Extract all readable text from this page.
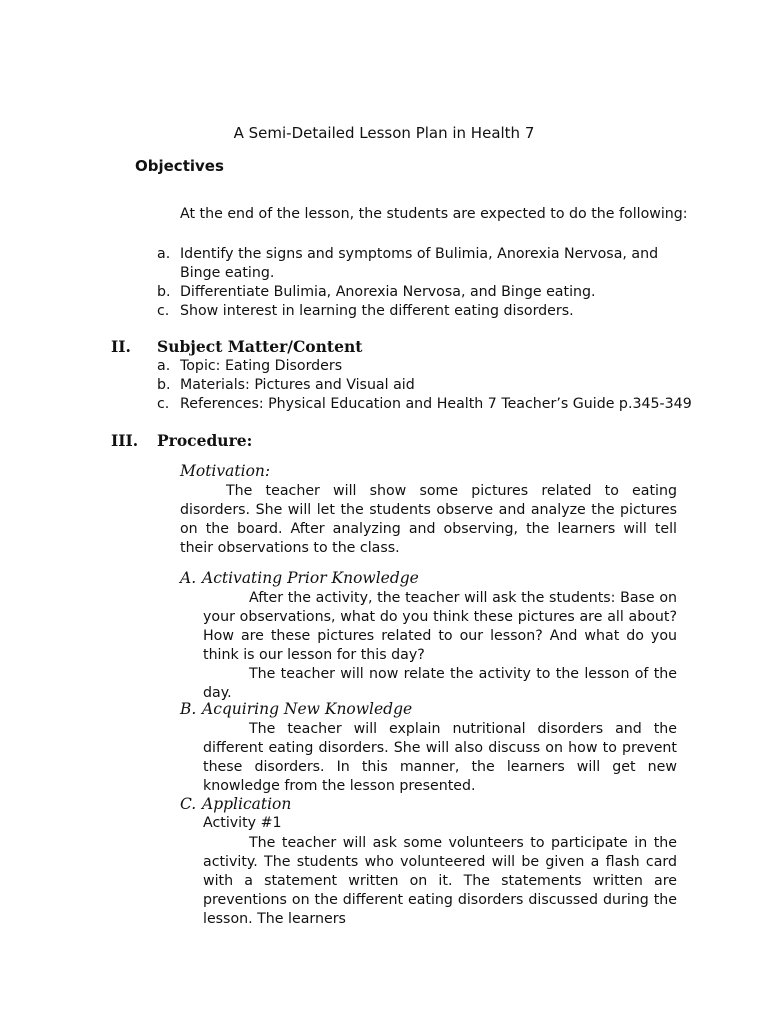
A Semi-Detailed Lesson Plan in Health 7
Objectives
At the end of the lesson, the students are expected to do the following:
a. Identify the signs and symptoms of Bulimia, Anorexia Nervosa, and Binge eating.
b. Differentiate Bulimia, Anorexia Nervosa, and Binge eating.
c. Show interest in learning the different eating disorders.
II. Subject Matter/Content
a. Topic: Eating Disorders
b. Materials: Pictures and Visual aid
c. References: Physical Education and Health 7 Teacher’s Guide p.345-349
III. Procedure:
Motivation:
The teacher will show some pictures related to eating disorders. She will let the students observe and analyze the pictures on the board. After analyzing and observing, the learners will tell their observations to the class.
A. Activating Prior Knowledge
After the activity, the teacher will ask the students: Base on your observations, what do you think these pictures are all about? How are these pictures related to our lesson? And what do you think is our lesson for this day?
The teacher will now relate the activity to the lesson of the day.
B. Acquiring New Knowledge
The teacher will explain nutritional disorders and the different eating disorders. She will also discuss on how to prevent these disorders. In this manner, the learners will get new knowledge from the lesson presented.
C. Application
Activity #1
The teacher will ask some volunteers to participate in the activity. The students who volunteered will be given a flash card with a statement written on it. The statements written are preventions on the different eating disorders discussed during the lesson. The learners
